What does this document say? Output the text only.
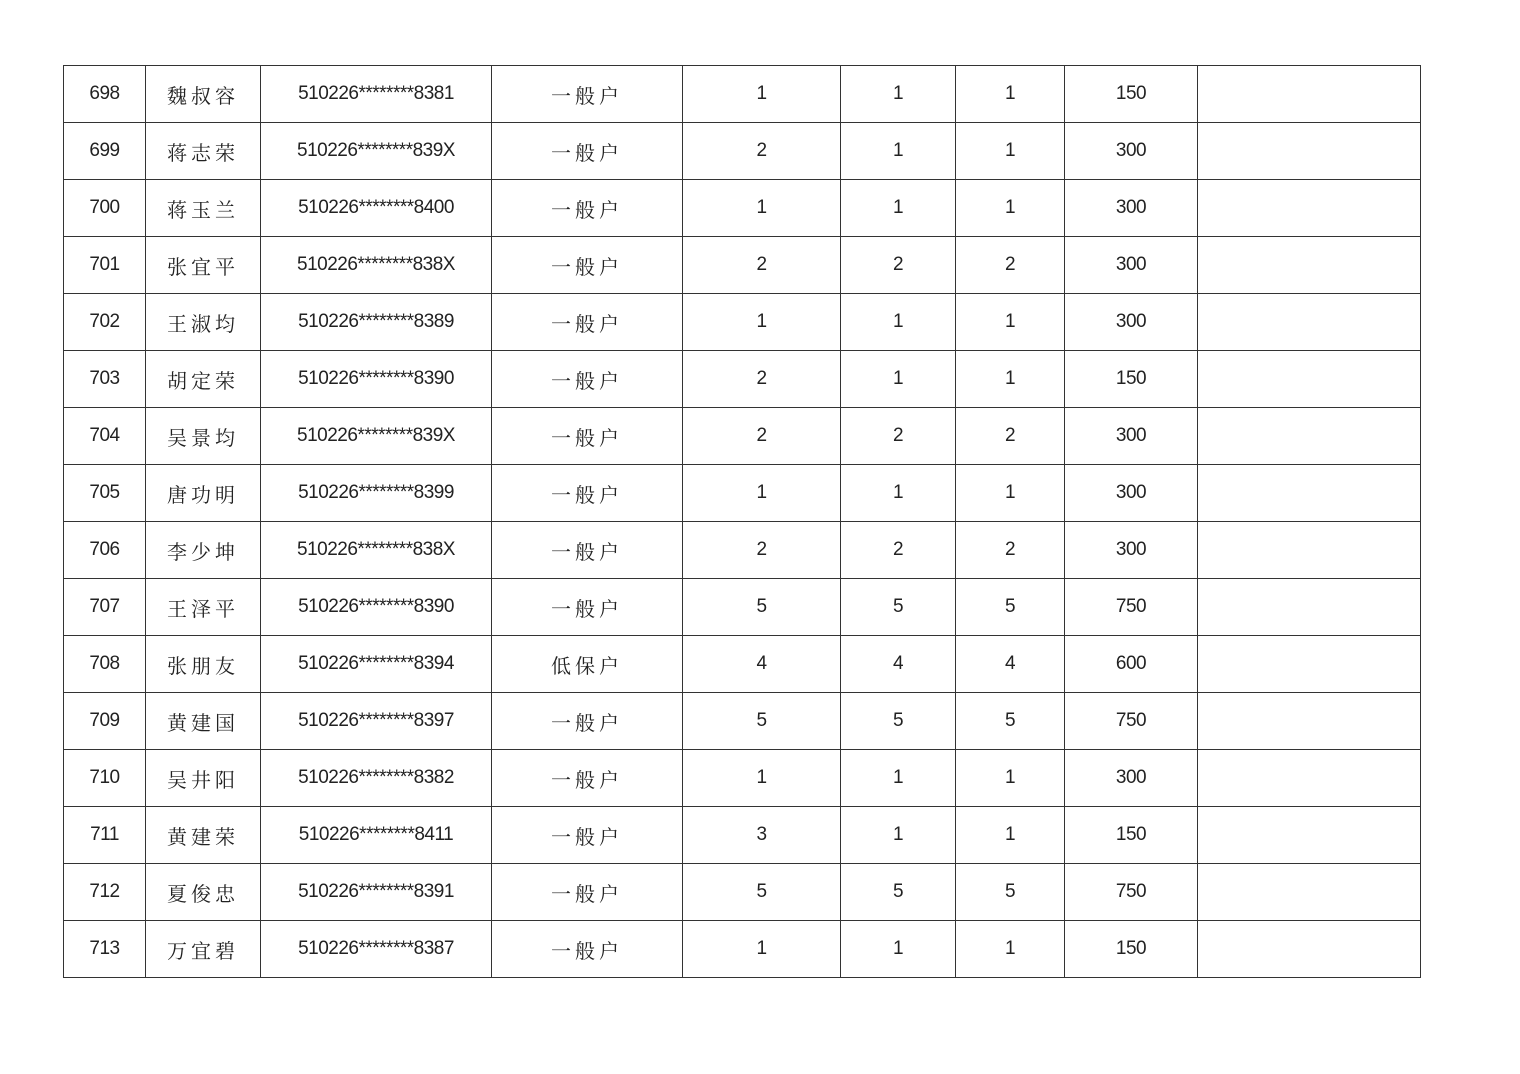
698	魏叔容	510226********8381	一般户	1	1	1	150	
699	蒋志荣	510226********839X	一般户	2	1	1	300	
700	蒋玉兰	510226********8400	一般户	1	1	1	300	
701	张宜平	510226********838X	一般户	2	2	2	300	
702	王淑均	510226********8389	一般户	1	1	1	300	
703	胡定荣	510226********8390	一般户	2	1	1	150	
704	吴景均	510226********839X	一般户	2	2	2	300	
705	唐功明	510226********8399	一般户	1	1	1	300	
706	李少坤	510226********838X	一般户	2	2	2	300	
707	王泽平	510226********8390	一般户	5	5	5	750	
708	张朋友	510226********8394	低保户	4	4	4	600	
709	黄建国	510226********8397	一般户	5	5	5	750	
710	吴井阳	510226********8382	一般户	1	1	1	300	
711	黄建荣	510226********8411	一般户	3	1	1	150	
712	夏俊忠	510226********8391	一般户	5	5	5	750	
713	万宜碧	510226********8387	一般户	1	1	1	150	
